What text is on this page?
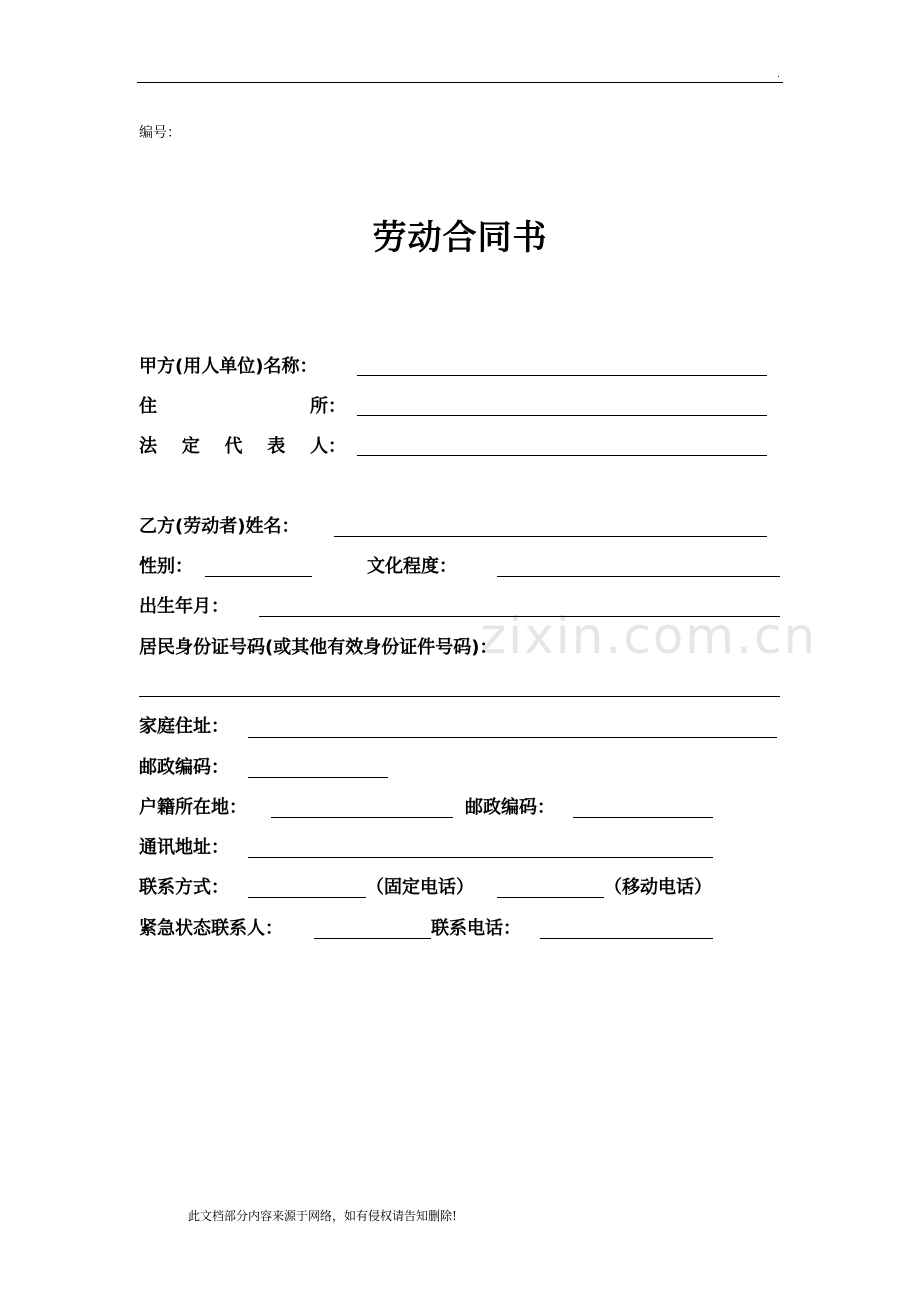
.
编号：
劳动合同书
zixin.com.cn
甲方(用人单位)名称：
住	所：
法 定 代 表 人：
乙方(劳动者)姓名：
性别：	文化程度：
出生年月：
居民身份证号码(或其他有效身份证件号码)：
家庭住址：
邮政编码：
户籍所在地：	邮政编码：
通讯地址：
联系方式：	（固定电话）	（移动电话）
紧急状态联系人：	联系电话：
此文档部分内容来源于网络，如有侵权请告知删除!
